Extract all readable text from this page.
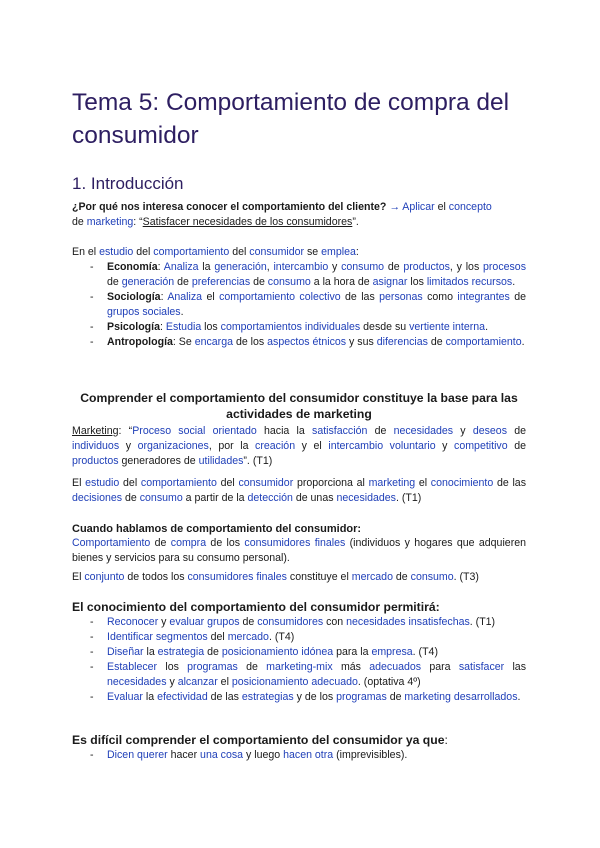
Tema 5: Comportamiento de compra del consumidor
1. Introducción

¿Por qué nos interesa conocer el comportamiento del cliente? → Aplicar el concepto
de marketing: “Satisfacer necesidades de los consumidores”.

En el estudio del comportamiento del consumidor se emplea:

- Economía: Analiza la generación, intercambio y consumo de productos, y los procesos de generación de preferencias de consumo a la hora de asignar los limitados recursos.
- Sociología: Analiza el comportamiento colectivo de las personas como integrantes de grupos sociales.
- Psicología: Estudia los comportamientos individuales desde su vertiente interna.
- Antropología: Se encarga de los aspectos étnicos y sus diferencias de comportamiento.

Comprender el comportamiento del consumidor constituye la base para las actividades de marketing

Marketing: “Proceso social orientado hacia la satisfacción de necesidades y deseos de individuos y organizaciones, por la creación y el intercambio voluntario y competitivo de productos generadores de utilidades”. (T1)

El estudio del comportamiento del consumidor proporciona al marketing el conocimiento de las decisiones de consumo a partir de la detección de unas necesidades. (T1)

Cuando hablamos de comportamiento del consumidor:

Comportamiento de compra de los consumidores finales (individuos y hogares que adquieren bienes y servicios para su consumo personal).

El conjunto de todos los consumidores finales constituye el mercado de consumo. (T3)

El conocimiento del comportamiento del consumidor permitirá:

- Reconocer y evaluar grupos de consumidores con necesidades insatisfechas. (T1)
- Identificar segmentos del mercado. (T4)
- Diseñar la estrategia de posicionamiento idónea para la empresa. (T4)
- Establecer los programas de marketing-mix más adecuados para satisfacer las necesidades y alcanzar el posicionamiento adecuado. (optativa 4º)
- Evaluar la efectividad de las estrategias y de los programas de marketing desarrollados.

Es difícil comprender el comportamiento del consumidor ya que:

- Dicen querer hacer una cosa y luego hacen otra (imprevisibles).
